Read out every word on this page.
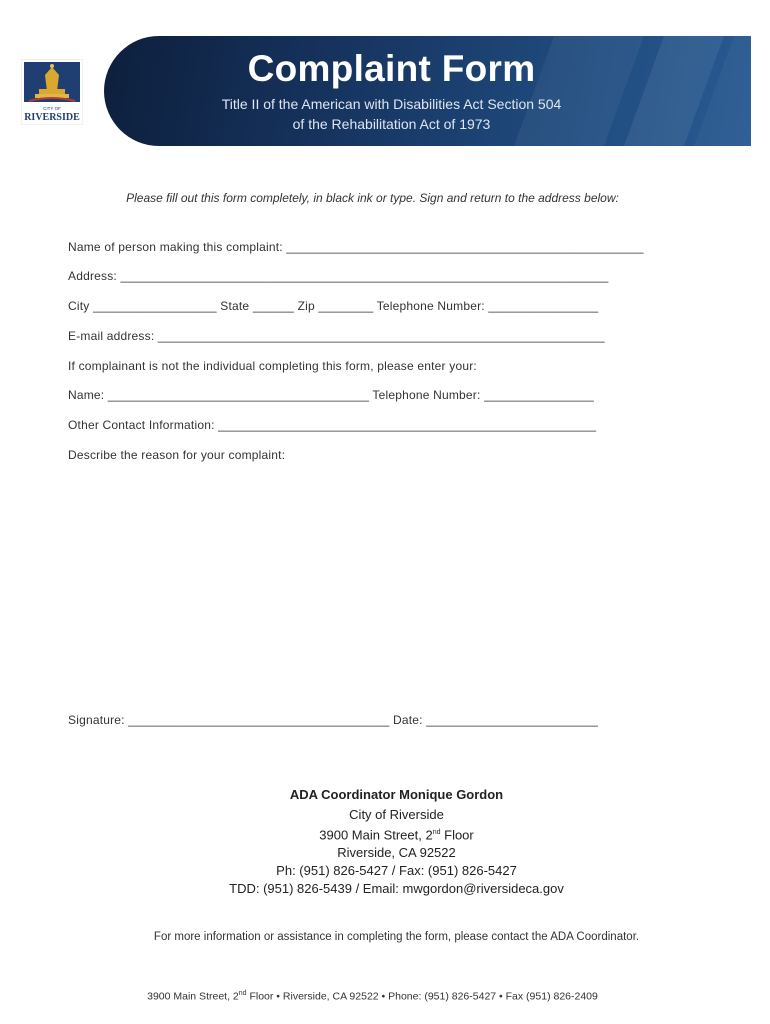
CITY OF
RIVERSIDE
Complaint Form
Title II of the American with Disabilities Act Section 504
of the Rehabilitation Act of 1973
Please fill out this form completely, in black ink or type. Sign and return to the address below:
Name of person making this complaint: ____________________________________________________
Address: _______________________________________________________________________
City __________________ State ______ Zip ________ Telephone Number: ________________
E-mail address: _________________________________________________________________
If complainant is not the individual completing this form, please enter your:
Name: ______________________________________ Telephone Number: ________________
Other Contact Information: _______________________________________________________
Describe the reason for your complaint:
Signature: ______________________________________ Date: _________________________
ADA Coordinator Monique Gordon
City of Riverside
3900 Main Street, 2nd Floor
Riverside, CA 92522
Ph: (951) 826-5427 / Fax: (951) 826-5427
TDD: (951) 826-5439 / Email: mwgordon@riversideca.gov
For more information or assistance in completing the form, please contact the ADA Coordinator.
3900 Main Street, 2nd Floor • Riverside, CA 92522 • Phone: (951) 826-5427 • Fax (951) 826-2409
